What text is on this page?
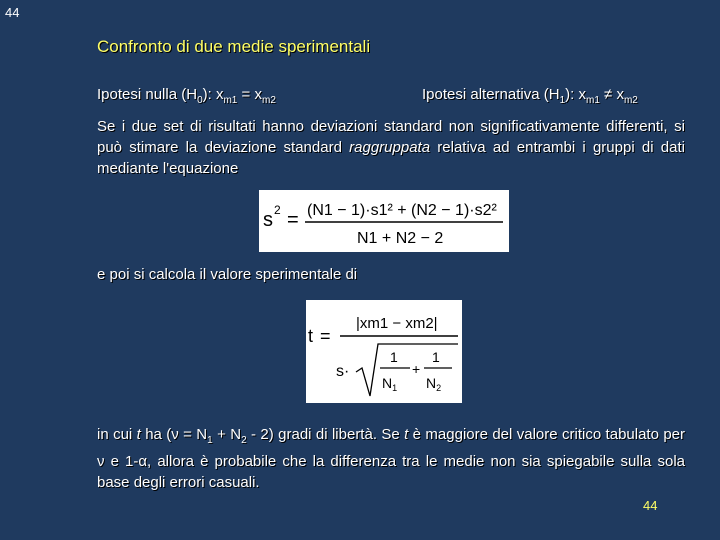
44
Confronto di due medie sperimentali
Ipotesi nulla $(H_0)$: $x_{m1} = x_{m2}$	Ipotesi alternativa $(H_1)$: $x_{m1} \ne x_{m2}$
Se i due set di risultati hanno deviazioni standard non significativamente differenti, si può stimare la deviazione standard raggruppata relativa ad entrambi i gruppi di dati mediante l'equazione
s 2 = (N1 − 1)·s1² + (N2 − 1)·s2²
N1 + N2 − 2
e poi si calcola il valore sperimentale di
t =
|xm1 − xm2|
s·
1
$N_1$
+
1
$N_2$
in cui t ha $(\nu = N_1 + N_2 - 2)$ gradi di libertà. Se t è maggiore del valore critico tabulato per ν e 1-α, allora è probabile che la differenza tra le medie non sia spiegabile sulla sola base degli errori casuali.
44
